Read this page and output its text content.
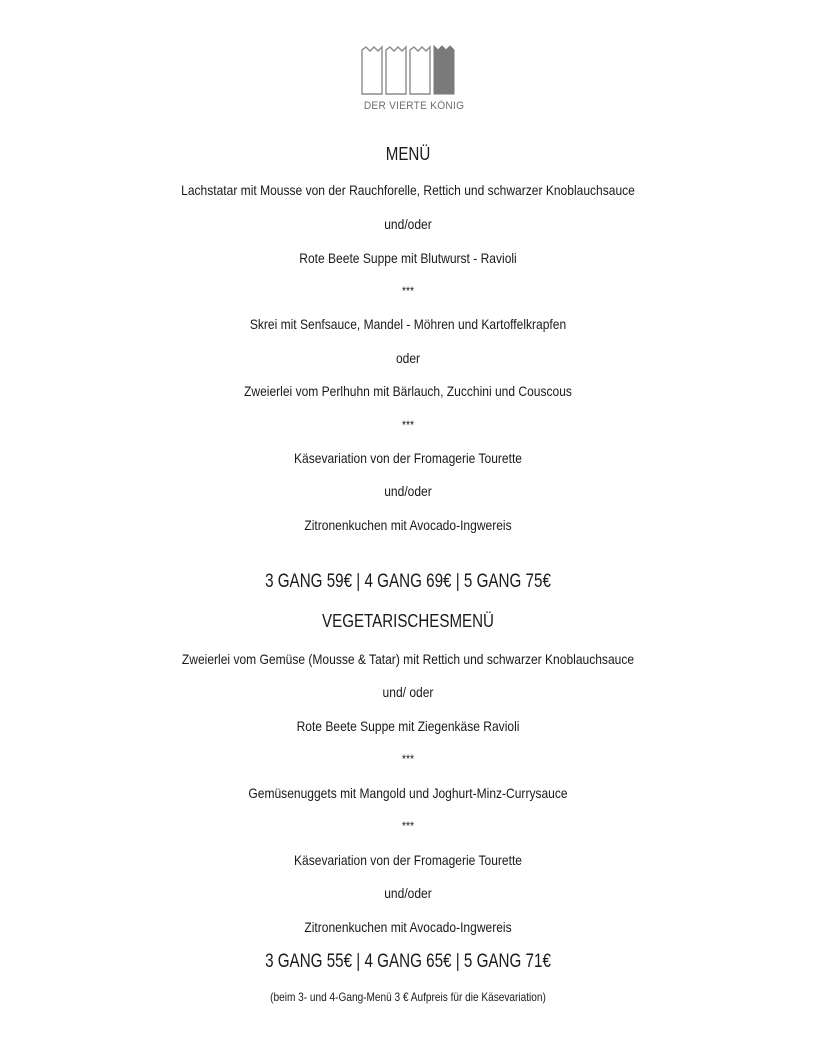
DER VIERTE KÖNIG
MENÜ
Lachstatar mit Mousse von der Rauchforelle, Rettich und schwarzer Knoblauchsauce
und/oder
Rote Beete Suppe mit Blutwurst - Ravioli
***
Skrei mit Senfsauce, Mandel - Möhren und Kartoffelkrapfen
oder
Zweierlei vom Perlhuhn mit Bärlauch, Zucchini und Couscous
***
Käsevariation von der Fromagerie Tourette
und/oder
Zitronenkuchen mit Avocado-Ingwereis
3 GANG 59€ | 4 GANG 69€ | 5 GANG 75€
VEGETARISCHESMENÜ
Zweierlei vom Gemüse (Mousse & Tatar) mit Rettich und schwarzer Knoblauchsauce
und/ oder
Rote Beete Suppe mit Ziegenkäse Ravioli
***
Gemüsenuggets mit Mangold und Joghurt-Minz-Currysauce
***
Käsevariation von der Fromagerie Tourette
und/oder
Zitronenkuchen mit Avocado-Ingwereis
3 GANG 55€ | 4 GANG 65€ | 5 GANG 71€
(beim 3- und 4-Gang-Menü 3 € Aufpreis für die Käsevariation)
